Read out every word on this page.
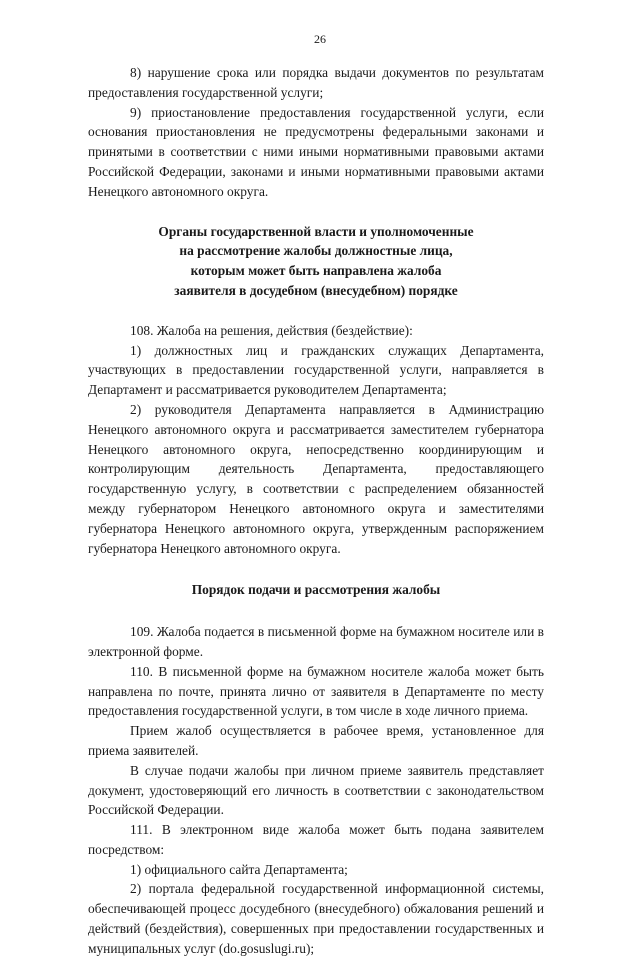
26

8) нарушение срока или порядка выдачи документов по результатам предоставления государственной услуги;

9) приостановление предоставления государственной услуги, если основания приостановления не предусмотрены федеральными законами и принятыми в соответствии с ними иными нормативными правовыми актами Российской Федерации, законами и иными нормативными правовыми актами Ненецкого автономного округа.

Органы государственной власти и уполномоченные
на рассмотрение жалобы должностные лица,
которым может быть направлена жалоба
заявителя в досудебном (внесудебном) порядке

108. Жалоба на решения, действия (бездействие):

1) должностных лиц и гражданских служащих Департамента, участвующих в предоставлении государственной услуги, направляется в Департамент и рассматривается руководителем Департамента;

2) руководителя Департамента направляется в Администрацию Ненецкого автономного округа и рассматривается заместителем губернатора Ненецкого автономного округа, непосредственно координирующим и контролирующим деятельность Департамента, предоставляющего государственную услугу, в соответствии с распределением обязанностей между губернатором Ненецкого автономного округа и заместителями губернатора Ненецкого автономного округа, утвержденным распоряжением губернатора Ненецкого автономного округа.

Порядок подачи и рассмотрения жалобы

109. Жалоба подается в письменной форме на бумажном носителе или в электронной форме.

110. В письменной форме на бумажном носителе жалоба может быть направлена по почте, принята лично от заявителя в Департаменте по месту предоставления государственной услуги, в том числе в ходе личного приема.

Прием жалоб осуществляется в рабочее время, установленное для приема заявителей.

В случае подачи жалобы при личном приеме заявитель представляет документ, удостоверяющий его личность в соответствии с законодательством Российской Федерации.

111. В электронном виде жалоба может быть подана заявителем посредством:

1) официального сайта Департамента;

2) портала федеральной государственной информационной системы, обеспечивающей процесс досудебного (внесудебного) обжалования решений и действий (бездействия), совершенных при предоставлении государственных и муниципальных услуг (do.gosuslugi.ru);
